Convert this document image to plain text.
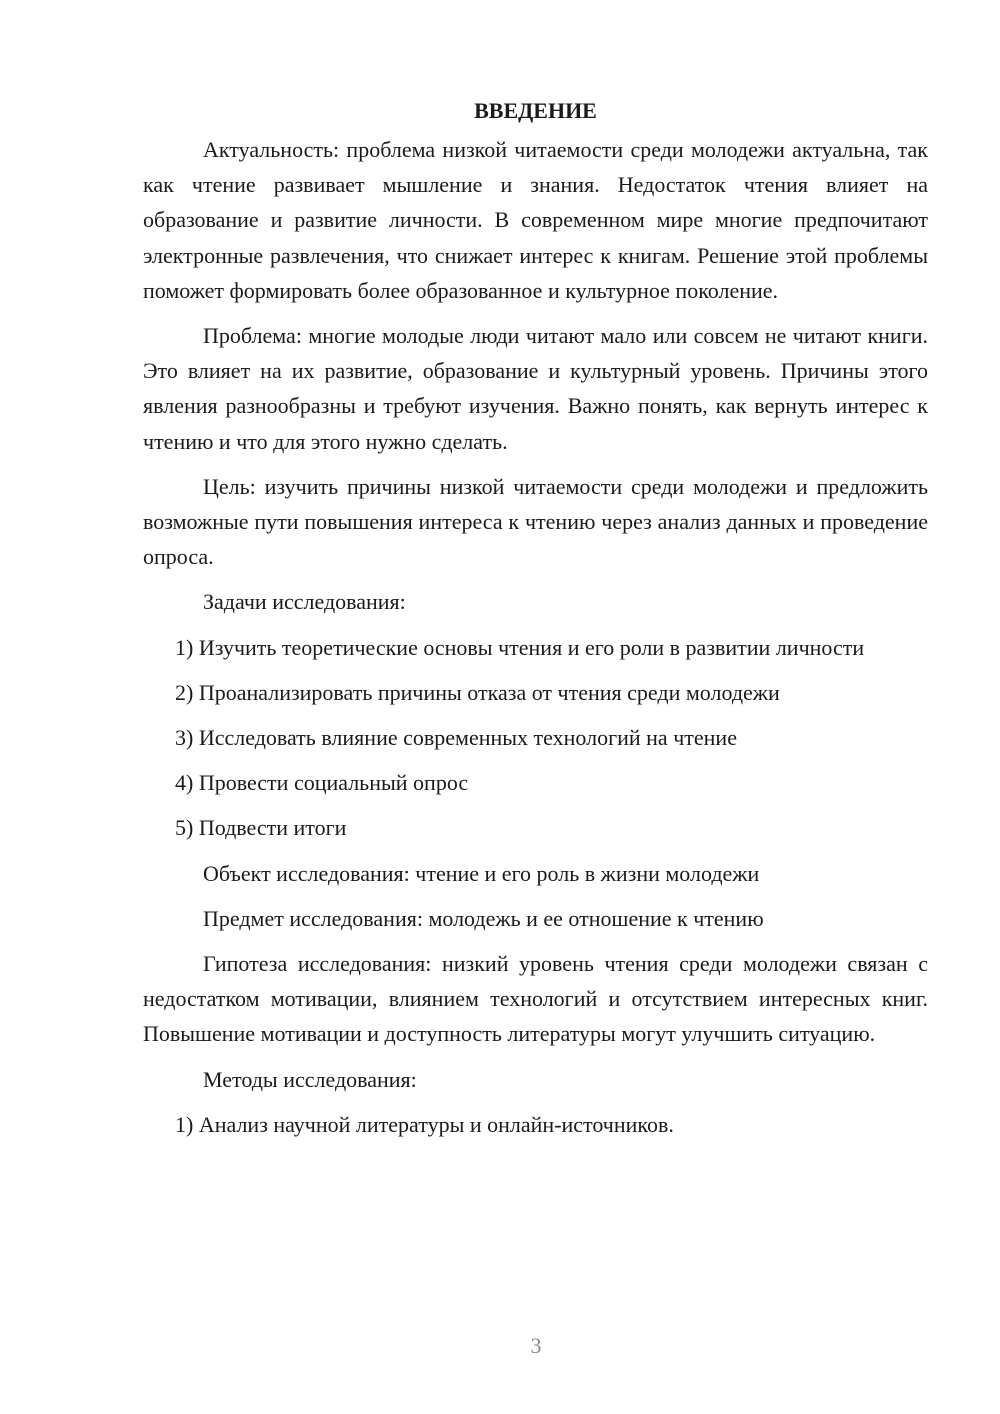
ВВЕДЕНИЕ
Актуальность: проблема низкой читаемости среди молодежи актуальна, так как чтение развивает мышление и знания. Недостаток чтения влияет на образование и развитие личности. В современном мире многие предпочитают электронные развлечения, что снижает интерес к книгам. Решение этой проблемы поможет формировать более образованное и культурное поколение.
Проблема: многие молодые люди читают мало или совсем не читают книги. Это влияет на их развитие, образование и культурный уровень. Причины этого явления разнообразны и требуют изучения. Важно понять, как вернуть интерес к чтению и что для этого нужно сделать.
Цель: изучить причины низкой читаемости среди молодежи и предложить возможные пути повышения интереса к чтению через анализ данных и проведение опроса.
Задачи исследования:
1) Изучить теоретические основы чтения и его роли в развитии личности
2) Проанализировать причины отказа от чтения среди молодежи
3) Исследовать влияние современных технологий на чтение
4) Провести социальный опрос
5) Подвести итоги
Объект исследования: чтение и его роль в жизни молодежи
Предмет исследования: молодежь и ее отношение к чтению
Гипотеза исследования: низкий уровень чтения среди молодежи связан с недостатком мотивации, влиянием технологий и отсутствием интересных книг. Повышение мотивации и доступность литературы могут улучшить ситуацию.
Методы исследования:
1) Анализ научной литературы и онлайн-источников.
3
